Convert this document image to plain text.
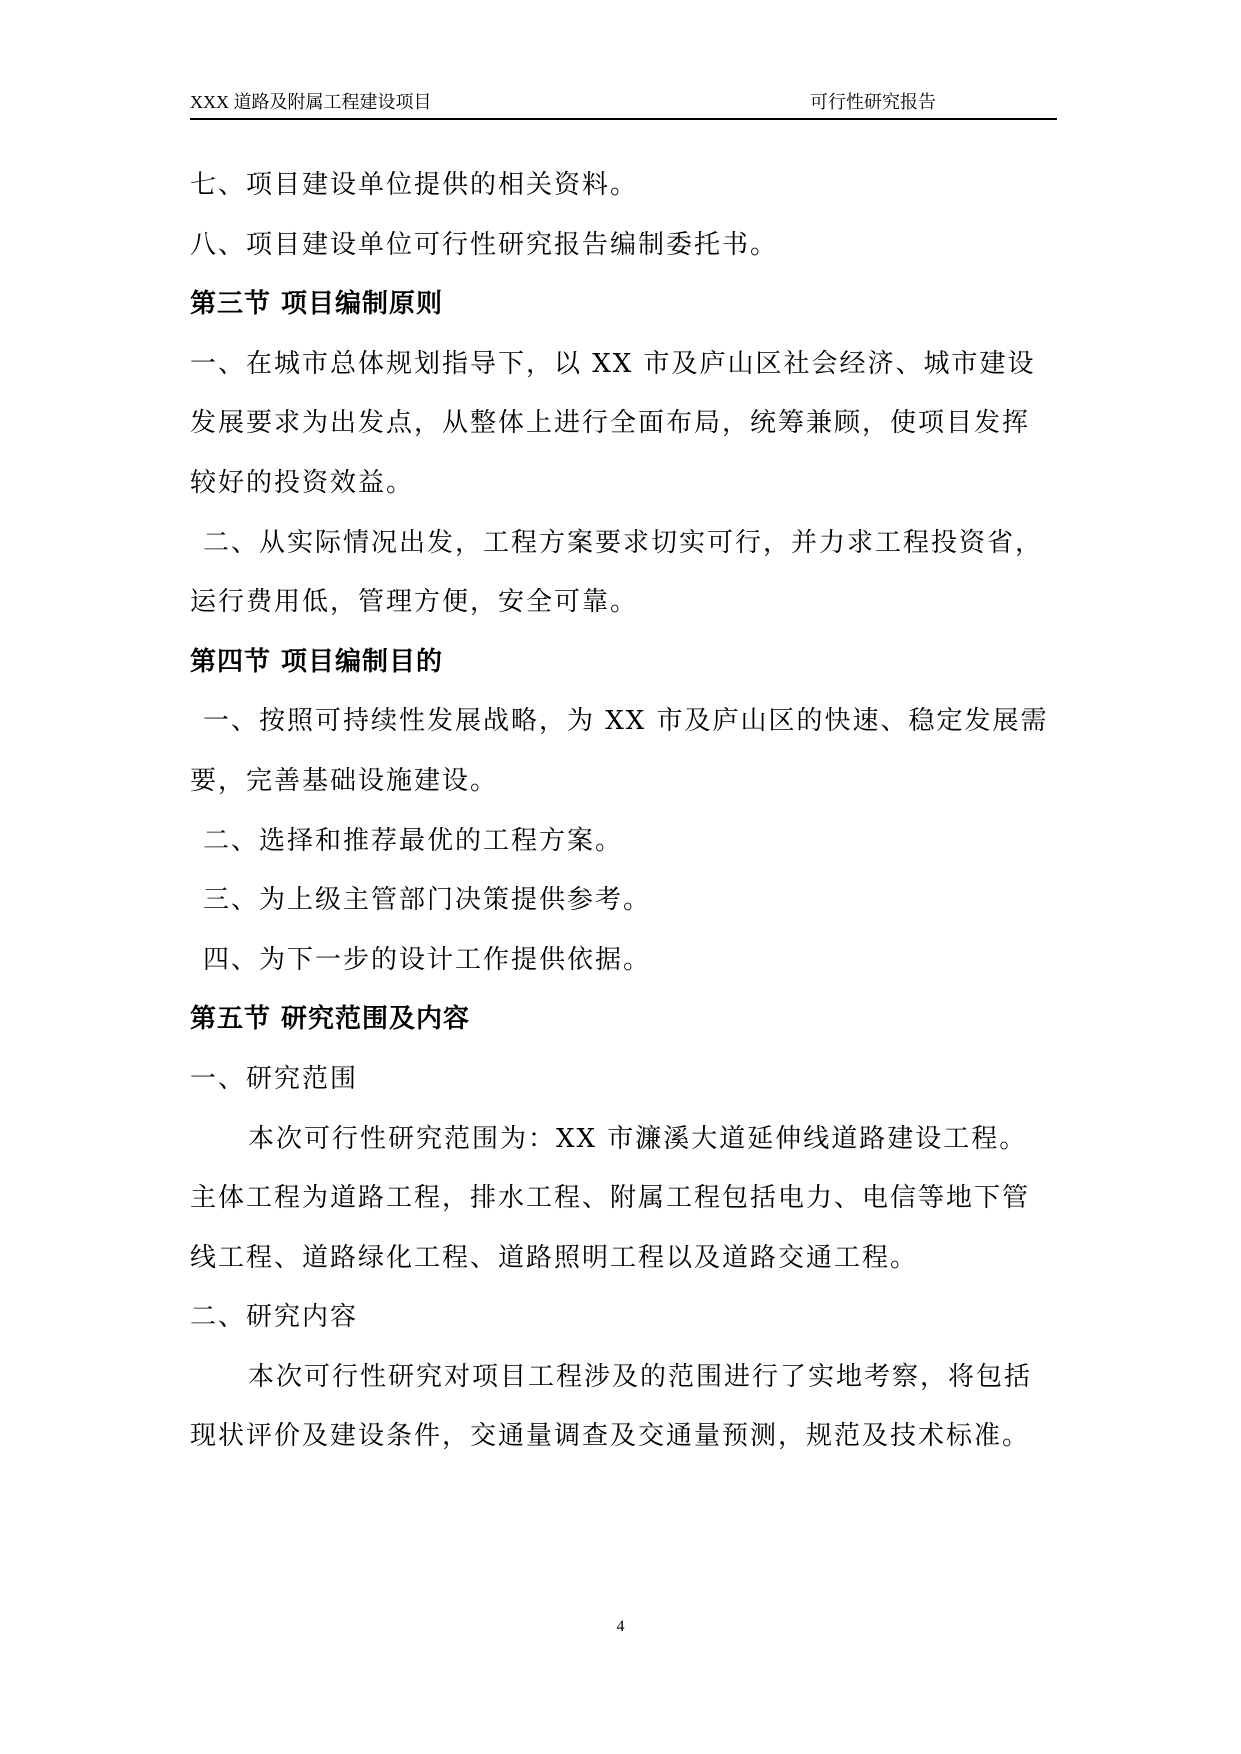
XXX 道路及附属工程建设项目	可行性研究报告
七、项目建设单位提供的相关资料。
八、项目建设单位可行性研究报告编制委托书。
第三节 项目编制原则
一、在城市总体规划指导下，以 XX 市及庐山区社会经济、城市建设
发展要求为出发点，从整体上进行全面布局，统筹兼顾，使项目发挥
较好的投资效益。
二、从实际情况出发，工程方案要求切实可行，并力求工程投资省，
运行费用低，管理方便，安全可靠。
第四节 项目编制目的
一、按照可持续性发展战略，为 XX 市及庐山区的快速、稳定发展需
要，完善基础设施建设。
二、选择和推荐最优的工程方案。
三、为上级主管部门决策提供参考。
四、为下一步的设计工作提供依据。
第五节 研究范围及内容
一、研究范围
本次可行性研究范围为：XX 市濂溪大道延伸线道路建设工程。
主体工程为道路工程，排水工程、附属工程包括电力、电信等地下管
线工程、道路绿化工程、道路照明工程以及道路交通工程。
二、研究内容
本次可行性研究对项目工程涉及的范围进行了实地考察，将包括
现状评价及建设条件，交通量调查及交通量预测，规范及技术标准。
4
